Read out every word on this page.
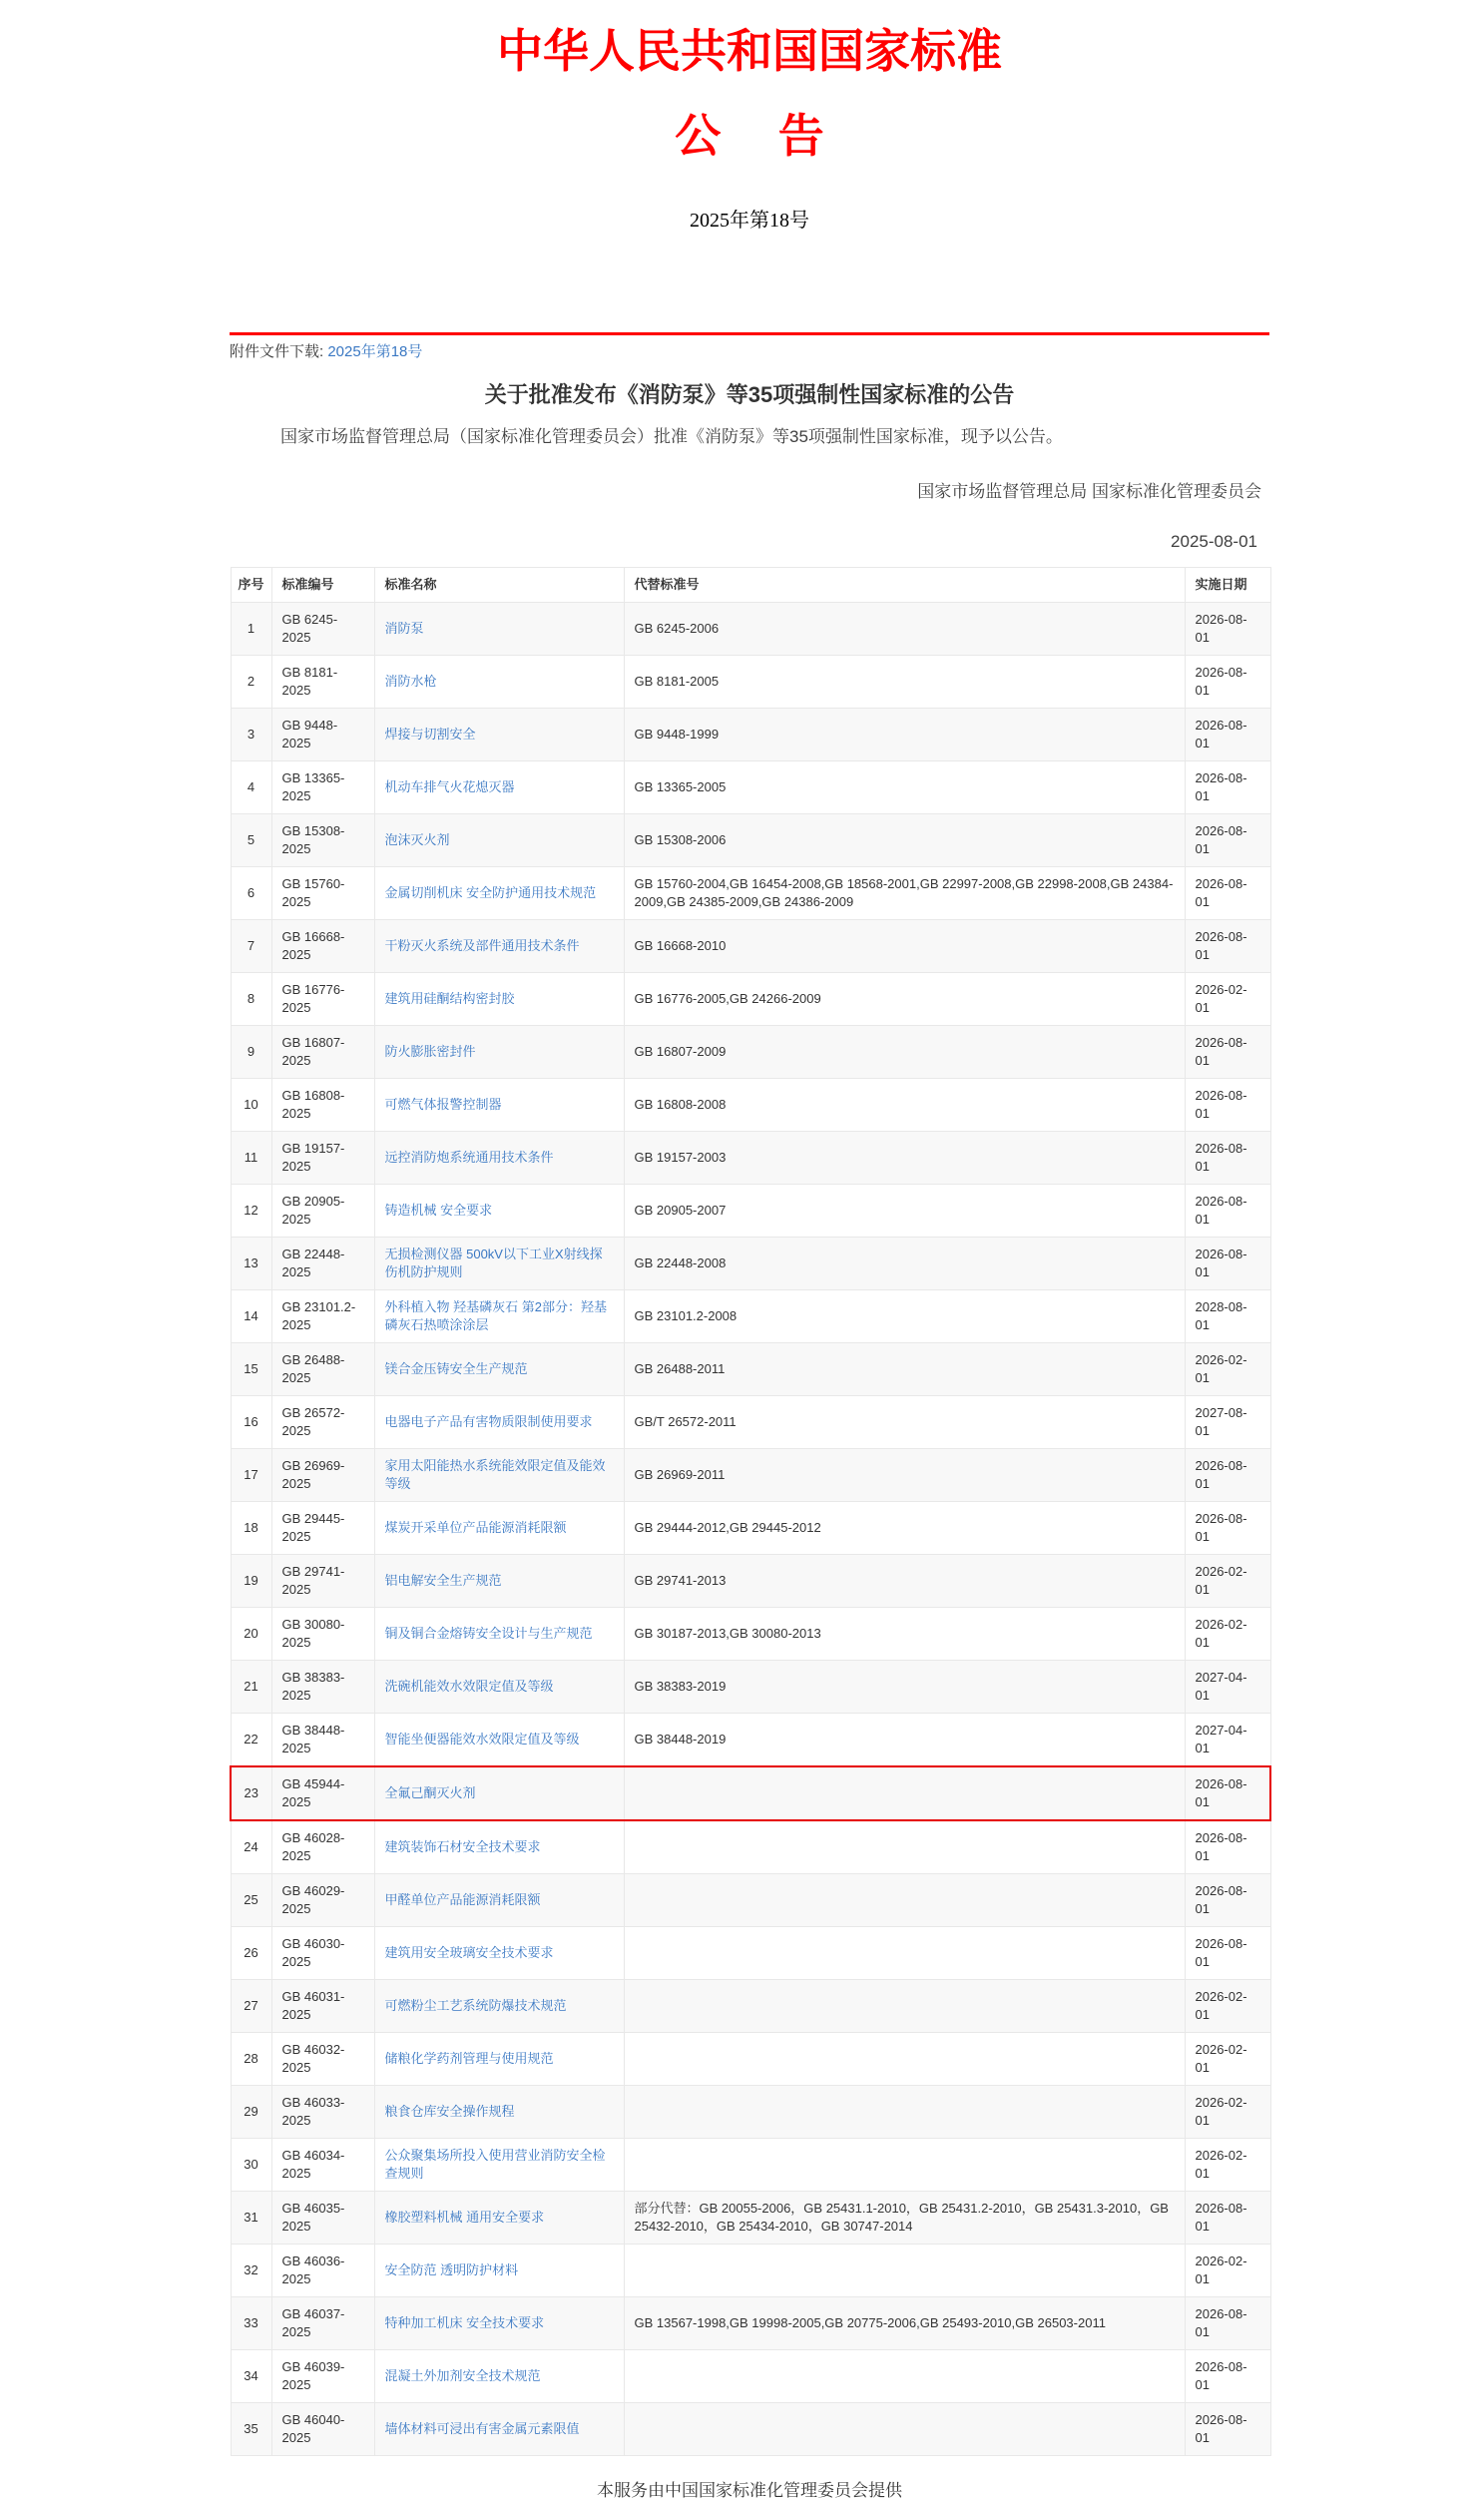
中华人民共和国国家标准
公 告
2025年第18号
附件文件下载: 2025年第18号
关于批准发布《消防泵》等35项强制性国家标准的公告
国家市场监督管理总局（国家标准化管理委员会）批准《消防泵》等35项强制性国家标准，现予以公告。
国家市场监督管理总局 国家标准化管理委员会
2025-08-01
序号	标准编号	标准名称	代替标准号	实施日期
1	GB 6245-2025	消防泵	GB 6245-2006	2026-08-01
2	GB 8181-2025	消防水枪	GB 8181-2005	2026-08-01
3	GB 9448-2025	焊接与切割安全	GB 9448-1999	2026-08-01
4	GB 13365-2025	机动车排气火花熄灭器	GB 13365-2005	2026-08-01
5	GB 15308-2025	泡沫灭火剂	GB 15308-2006	2026-08-01
6	GB 15760-2025	金属切削机床 安全防护通用技术规范	GB 15760-2004,GB 16454-2008,GB 18568-2001,GB 22997-2008,GB 22998-2008,GB 24384-2009,GB 24385-2009,GB 24386-2009	2026-08-01
7	GB 16668-2025	干粉灭火系统及部件通用技术条件	GB 16668-2010	2026-08-01
8	GB 16776-2025	建筑用硅酮结构密封胶	GB 16776-2005,GB 24266-2009	2026-02-01
9	GB 16807-2025	防火膨胀密封件	GB 16807-2009	2026-08-01
10	GB 16808-2025	可燃气体报警控制器	GB 16808-2008	2026-08-01
11	GB 19157-2025	远控消防炮系统通用技术条件	GB 19157-2003	2026-08-01
12	GB 20905-2025	铸造机械 安全要求	GB 20905-2007	2026-08-01
13	GB 22448-2025	无损检测仪器 500kV以下工业X射线探伤机防护规则	GB 22448-2008	2026-08-01
14	GB 23101.2-2025	外科植入物 羟基磷灰石 第2部分：羟基磷灰石热喷涂涂层	GB 23101.2-2008	2028-08-01
15	GB 26488-2025	镁合金压铸安全生产规范	GB 26488-2011	2026-02-01
16	GB 26572-2025	电器电子产品有害物质限制使用要求	GB/T 26572-2011	2027-08-01
17	GB 26969-2025	家用太阳能热水系统能效限定值及能效等级	GB 26969-2011	2026-08-01
18	GB 29445-2025	煤炭开采单位产品能源消耗限额	GB 29444-2012,GB 29445-2012	2026-08-01
19	GB 29741-2025	铝电解安全生产规范	GB 29741-2013	2026-02-01
20	GB 30080-2025	铜及铜合金熔铸安全设计与生产规范	GB 30187-2013,GB 30080-2013	2026-02-01
21	GB 38383-2025	洗碗机能效水效限定值及等级	GB 38383-2019	2027-04-01
22	GB 38448-2025	智能坐便器能效水效限定值及等级	GB 38448-2019	2027-04-01
23	GB 45944-2025	全氟己酮灭火剂		2026-08-01
24	GB 46028-2025	建筑装饰石材安全技术要求		2026-08-01
25	GB 46029-2025	甲醛单位产品能源消耗限额		2026-08-01
26	GB 46030-2025	建筑用安全玻璃安全技术要求		2026-08-01
27	GB 46031-2025	可燃粉尘工艺系统防爆技术规范		2026-02-01
28	GB 46032-2025	储粮化学药剂管理与使用规范		2026-02-01
29	GB 46033-2025	粮食仓库安全操作规程		2026-02-01
30	GB 46034-2025	公众聚集场所投入使用营业消防安全检查规则		2026-02-01
31	GB 46035-2025	橡胶塑料机械 通用安全要求	部分代替：GB 20055-2006，GB 25431.1-2010，GB 25431.2-2010，GB 25431.3-2010，GB 25432-2010，GB 25434-2010，GB 30747-2014	2026-08-01
32	GB 46036-2025	安全防范 透明防护材料		2026-02-01
33	GB 46037-2025	特种加工机床 安全技术要求	GB 13567-1998,GB 19998-2005,GB 20775-2006,GB 25493-2010,GB 26503-2011	2026-08-01
34	GB 46039-2025	混凝土外加剂安全技术规范		2026-08-01
35	GB 46040-2025	墙体材料可浸出有害金属元素限值		2026-08-01
本服务由中国国家标准化管理委员会提供
